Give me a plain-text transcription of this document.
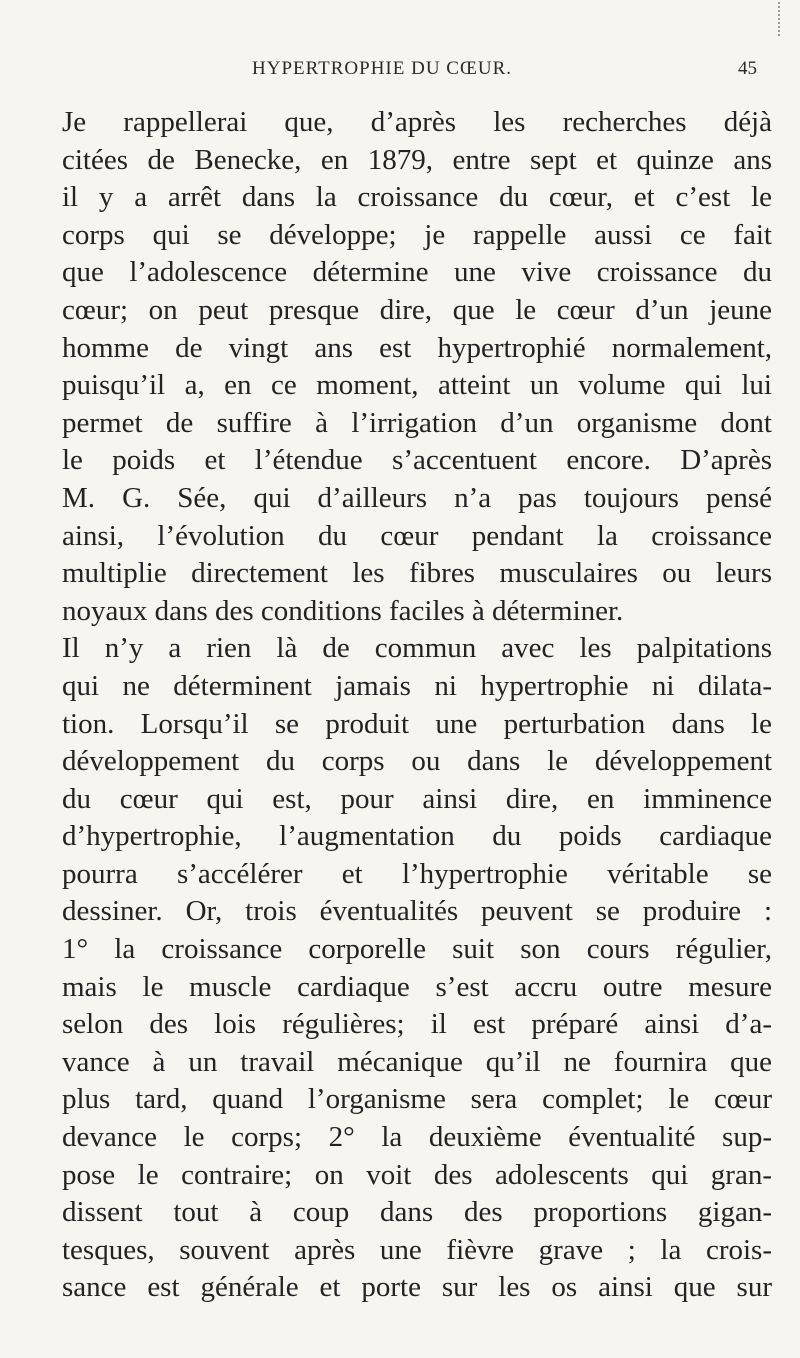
HYPERTROPHIE DU CŒUR.	45
Je rappellerai que, d’après les recherches déjà
citées de Benecke, en 1879, entre sept et quinze ans
il y a arrêt dans la croissance du cœur, et c’est le
corps qui se développe; je rappelle aussi ce fait
que l’adolescence détermine une vive croissance du
cœur; on peut presque dire, que le cœur d’un jeune
homme de vingt ans est hypertrophié normalement,
puisqu’il a, en ce moment, atteint un volume qui lui
permet de suffire à l’irrigation d’un organisme dont
le poids et l’étendue s’accentuent encore. D’après
M. G. Sée, qui d’ailleurs n’a pas toujours pensé
ainsi, l’évolution du cœur pendant la croissance
multiplie directement les fibres musculaires ou leurs
noyaux dans des conditions faciles à déterminer.
Il n’y a rien là de commun avec les palpitations
qui ne déterminent jamais ni hypertrophie ni dilata-
tion. Lorsqu’il se produit une perturbation dans le
développement du corps ou dans le développement
du cœur qui est, pour ainsi dire, en imminence
d’hypertrophie, l’augmentation du poids cardiaque
pourra s’accélérer et l’hypertrophie véritable se
dessiner. Or, trois éventualités peuvent se produire :
1° la croissance corporelle suit son cours régulier,
mais le muscle cardiaque s’est accru outre mesure
selon des lois régulières; il est préparé ainsi d’a-
vance à un travail mécanique qu’il ne fournira que
plus tard, quand l’organisme sera complet; le cœur
devance le corps; 2° la deuxième éventualité sup-
pose le contraire; on voit des adolescents qui gran-
dissent tout à coup dans des proportions gigan-
tesques, souvent après une fièvre grave ; la crois-
sance est générale et porte sur les os ainsi que sur
